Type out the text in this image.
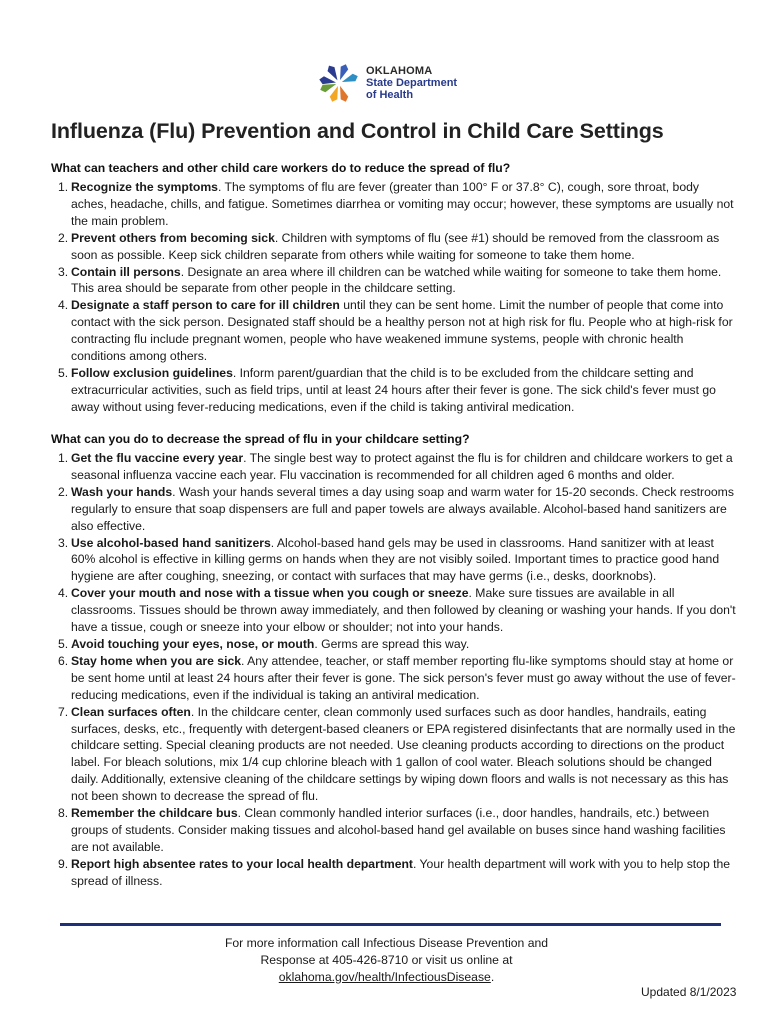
OKLAHOMA
State Department
of Health
Influenza (Flu) Prevention and Control in Child Care Settings

What can teachers and other child care workers do to reduce the spread of flu?

1. Recognize the symptoms. The symptoms of flu are fever (greater than 100° F or 37.8° C), cough, sore throat, body aches, headache, chills, and fatigue. Sometimes diarrhea or vomiting may occur; however, these symptoms are usually not the main problem.
2. Prevent others from becoming sick. Children with symptoms of flu (see #1) should be removed from the classroom as soon as possible. Keep sick children separate from others while waiting for someone to take them home.
3. Contain ill persons. Designate an area where ill children can be watched while waiting for someone to take them home. This area should be separate from other people in the childcare setting.
4. Designate a staff person to care for ill children until they can be sent home. Limit the number of people that come into contact with the sick person. Designated staff should be a healthy person not at high risk for flu. People who at high-risk for contracting flu include pregnant women, people who have weakened immune systems, people with chronic health conditions among others.
5. Follow exclusion guidelines. Inform parent/guardian that the child is to be excluded from the childcare setting and extracurricular activities, such as field trips, until at least 24 hours after their fever is gone. The sick child's fever must go away without using fever-reducing medications, even if the child is taking antiviral medication.

What can you do to decrease the spread of flu in your childcare setting?

1. Get the flu vaccine every year. The single best way to protect against the flu is for children and childcare workers to get a seasonal influenza vaccine each year. Flu vaccination is recommended for all children aged 6 months and older.
2. Wash your hands. Wash your hands several times a day using soap and warm water for 15-20 seconds. Check restrooms regularly to ensure that soap dispensers are full and paper towels are always available. Alcohol-based hand sanitizers are also effective.
3. Use alcohol-based hand sanitizers. Alcohol-based hand gels may be used in classrooms. Hand sanitizer with at least 60% alcohol is effective in killing germs on hands when they are not visibly soiled. Important times to practice good hand hygiene are after coughing, sneezing, or contact with surfaces that may have germs (i.e., desks, doorknobs).
4. Cover your mouth and nose with a tissue when you cough or sneeze. Make sure tissues are available in all classrooms. Tissues should be thrown away immediately, and then followed by cleaning or washing your hands. If you don't have a tissue, cough or sneeze into your elbow or shoulder; not into your hands.
5. Avoid touching your eyes, nose, or mouth. Germs are spread this way.
6. Stay home when you are sick. Any attendee, teacher, or staff member reporting flu-like symptoms should stay at home or be sent home until at least 24 hours after their fever is gone. The sick person's fever must go away without the use of fever-reducing medications, even if the individual is taking an antiviral medication.
7. Clean surfaces often. In the childcare center, clean commonly used surfaces such as door handles, handrails, eating surfaces, desks, etc., frequently with detergent-based cleaners or EPA registered disinfectants that are normally used in the childcare setting. Special cleaning products are not needed. Use cleaning products according to directions on the product label. For bleach solutions, mix 1/4 cup chlorine bleach with 1 gallon of cool water. Bleach solutions should be changed daily. Additionally, extensive cleaning of the childcare settings by wiping down floors and walls is not necessary as this has not been shown to decrease the spread of flu.
8. Remember the childcare bus. Clean commonly handled interior surfaces (i.e., door handles, handrails, etc.) between groups of students. Consider making tissues and alcohol-based hand gel available on buses since hand washing facilities are not available.
9. Report high absentee rates to your local health department. Your health department will work with you to help stop the spread of illness.
For more information call Infectious Disease Prevention and
Response at 405-426-8710 or visit us online at
oklahoma.gov/health/InfectiousDisease.
Updated 8/1/2023
